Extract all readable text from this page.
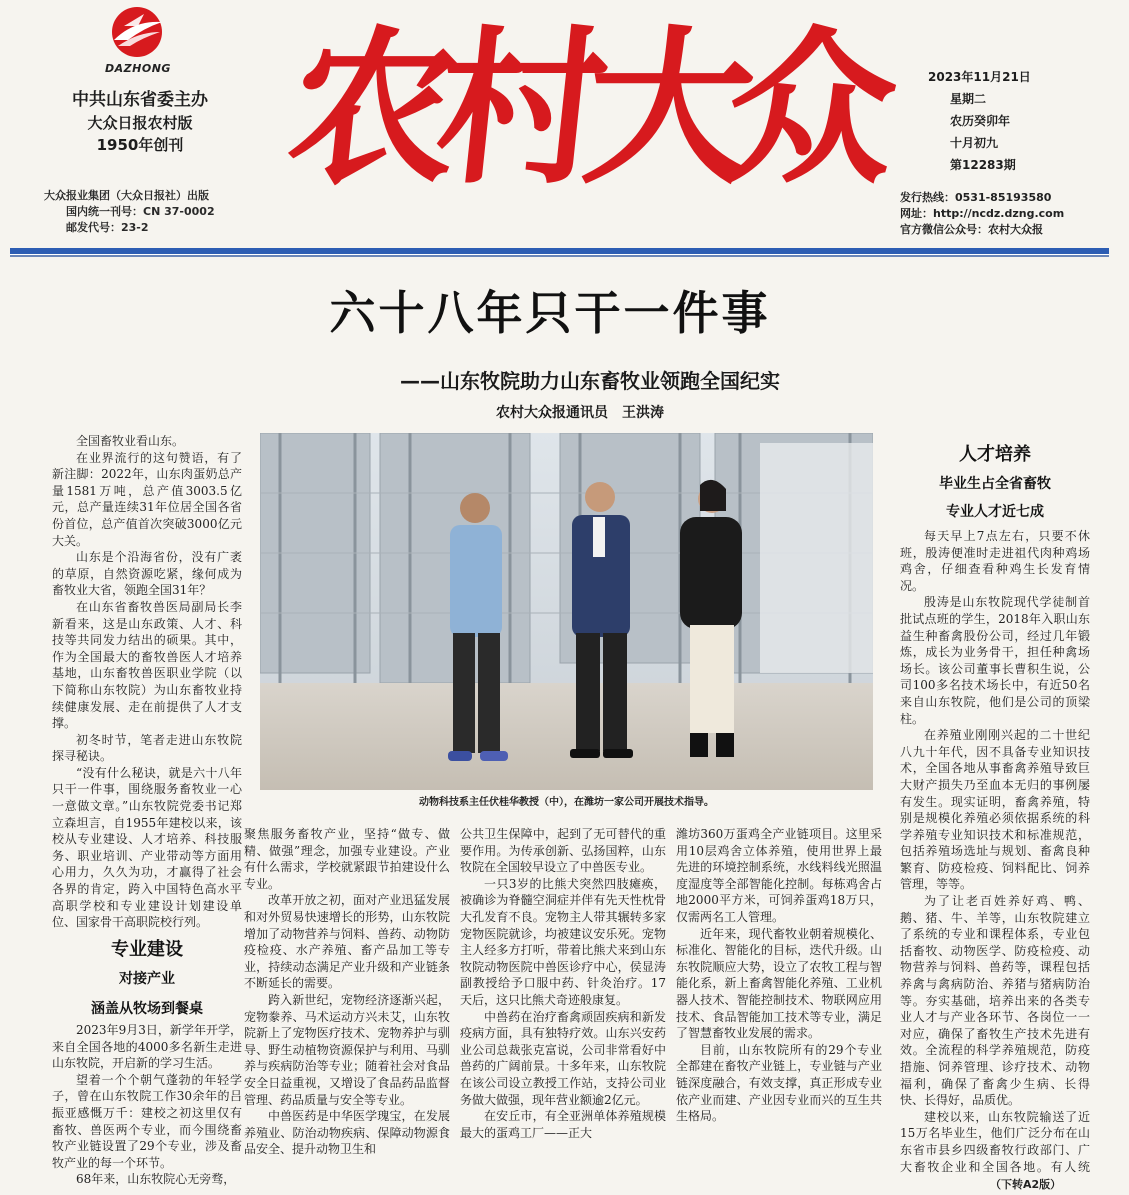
DAZHONG
中共山东省委主办
大众日报农村版
1950年创刊
大众报业集团（大众日报社）出版
国内统一刊号：CN 37-0002
邮发代号：23-2
农
村
大
众 2023年11月21日
星期二
农历癸卯年
十月初九
第12283期
发行热线：0531-85193580
网址：http://ncdz.dzng.com
官方微信公众号：农村大众报
六十八年只干一件事
——山东牧院助力山东畜牧业领跑全国纪实
农村大众报通讯员　王洪涛
动物科技系主任伏桂华教授（中），在潍坊一家公司开展技术指导。

全国畜牧业看山东。

在业界流行的这句赞语，有了新注脚：2022年，山东肉蛋奶总产量1581万吨，总产值3003.5亿元，总产量连续31年位居全国各省份首位，总产值首次突破3000亿元大关。

山东是个沿海省份，没有广袤的草原，自然资源吃紧，缘何成为畜牧业大省，领跑全国31年？

在山东省畜牧兽医局副局长李新看来，这是山东政策、人才、科技等共同发力结出的硕果。其中，作为全国最大的畜牧兽医人才培养基地，山东畜牧兽医职业学院（以下简称山东牧院）为山东畜牧业持续健康发展、走在前提供了人才支撑。

初冬时节，笔者走进山东牧院探寻秘诀。

“没有什么秘诀，就是六十八年只干一件事，围绕服务畜牧业一心一意做文章。”山东牧院党委书记郑立森坦言，自1955年建校以来，该校从专业建设、人才培养、科技服务、职业培训、产业带动等方面用心用力，久久为功，才赢得了社会各界的肯定，跨入中国特色高水平高职学校和专业建设计划建设单位、国家骨干高职院校行列。

专业建设
对接产业
涵盖从牧场到餐桌

2023年9月3日，新学年开学，来自全国各地的4000多名新生走进山东牧院，开启新的学习生活。

望着一个个朝气蓬勃的年轻学子，曾在山东牧院工作30余年的吕振亚感慨万千：建校之初这里仅有畜牧、兽医两个专业，而今围绕畜牧产业链设置了29个专业，涉及畜牧产业的每一个环节。

68年来，山东牧院心无旁骛，

聚焦服务畜牧产业，坚持“做专、做精、做强”理念，加强专业建设。产业有什么需求，学校就紧跟节拍建设什么专业。

改革开放之初，面对产业迅猛发展和对外贸易快速增长的形势，山东牧院增加了动物营养与饲料、兽药、动物防疫检疫、水产养殖、畜产品加工等专业，持续动态满足产业升级和产业链条不断延长的需要。

跨入新世纪，宠物经济逐渐兴起，宠物豢养、马术运动方兴未艾，山东牧院新上了宠物医疗技术、宠物养护与驯导、野生动植物资源保护与利用、马驯养与疾病防治等专业；随着社会对食品安全日益重视，又增设了食品药品监督管理、药品质量与安全等专业。

中兽医药是中华医学瑰宝，在发展养殖业、防治动物疾病、保障动物源食品安全、提升动物卫生和

公共卫生保障中，起到了无可替代的重要作用。为传承创新、弘扬国粹，山东牧院在全国较早设立了中兽医专业。

一只3岁的比熊犬突然四肢瘫痪，被确诊为脊髓空洞症并伴有先天性枕骨大孔发育不良。宠物主人带其辗转多家宠物医院就诊，均被建议安乐死。宠物主人经多方打听，带着比熊犬来到山东牧院动物医院中兽医诊疗中心，侯显涛副教授给予口服中药、针灸治疗。17天后，这只比熊犬奇迹般康复。

中兽药在治疗畜禽顽固疾病和新发疫病方面，具有独特疗效。山东兴安药业公司总裁张克富说，公司非常看好中兽药的广阔前景。十多年来，山东牧院在该公司设立教授工作站，支持公司业务做大做强，现年营业额逾2亿元。

在安丘市，有全亚洲单体养殖规模最大的蛋鸡工厂——正大

潍坊360万蛋鸡全产业链项目。这里采用10层鸡舍立体养殖，使用世界上最先进的环境控制系统，水线料线光照温度湿度等全部智能化控制。每栋鸡舍占地2000平方米，可饲养蛋鸡18万只，仅需两名工人管理。

近年来，现代畜牧业朝着规模化、标准化、智能化的目标，迭代升级。山东牧院顺应大势，设立了农牧工程与智能化系，新上畜禽智能化养殖、工业机器人技术、智能控制技术、物联网应用技术、食品智能加工技术等专业，满足了智慧畜牧业发展的需求。

目前，山东牧院所有的29个专业全都建在畜牧产业链上，专业链与产业链深度融合，有效支撑，真正形成专业依产业而建、产业因专业而兴的互生共生格局。

人才培养
毕业生占全省畜牧
专业人才近七成

每天早上7点左右，只要不休班，殷涛便准时走进祖代肉种鸡场鸡舍，仔细查看种鸡生长发育情况。

殷涛是山东牧院现代学徒制首批试点班的学生，2018年入职山东益生种畜禽股份公司，经过几年锻炼，成长为业务骨干，担任种禽场场长。该公司董事长曹积生说，公司100多名技术场长中，有近50名来自山东牧院，他们是公司的顶梁柱。

在养殖业刚刚兴起的二十世纪八九十年代，因不具备专业知识技术，全国各地从事畜禽养殖导致巨大财产损失乃至血本无归的事例屡有发生。现实证明，畜禽养殖，特别是规模化养殖必须依据系统的科学养殖专业知识技术和标准规范，包括养殖场选址与规划、畜禽良种繁育、防疫检疫、饲料配比、饲养管理，等等。

为了让老百姓养好鸡、鸭、鹅、猪、牛、羊等，山东牧院建立了系统的专业和课程体系，专业包括畜牧、动物医学、防疫检疫、动物营养与饲料、兽药等，课程包括养禽与禽病防治、养猪与猪病防治等。夯实基础，培养出来的各类专业人才与产业各环节、各岗位一一对应，确保了畜牧生产技术先进有效。全流程的科学养殖规范，防疫措施、饲养管理、诊疗技术、动物福利，确保了畜禽少生病、长得快、长得好，品质优。

建校以来，山东牧院输送了近15万名毕业生，他们广泛分布在山东省市县乡四级畜牧行政部门、广大畜牧企业和全国各地。有人统

（下转A2版）
